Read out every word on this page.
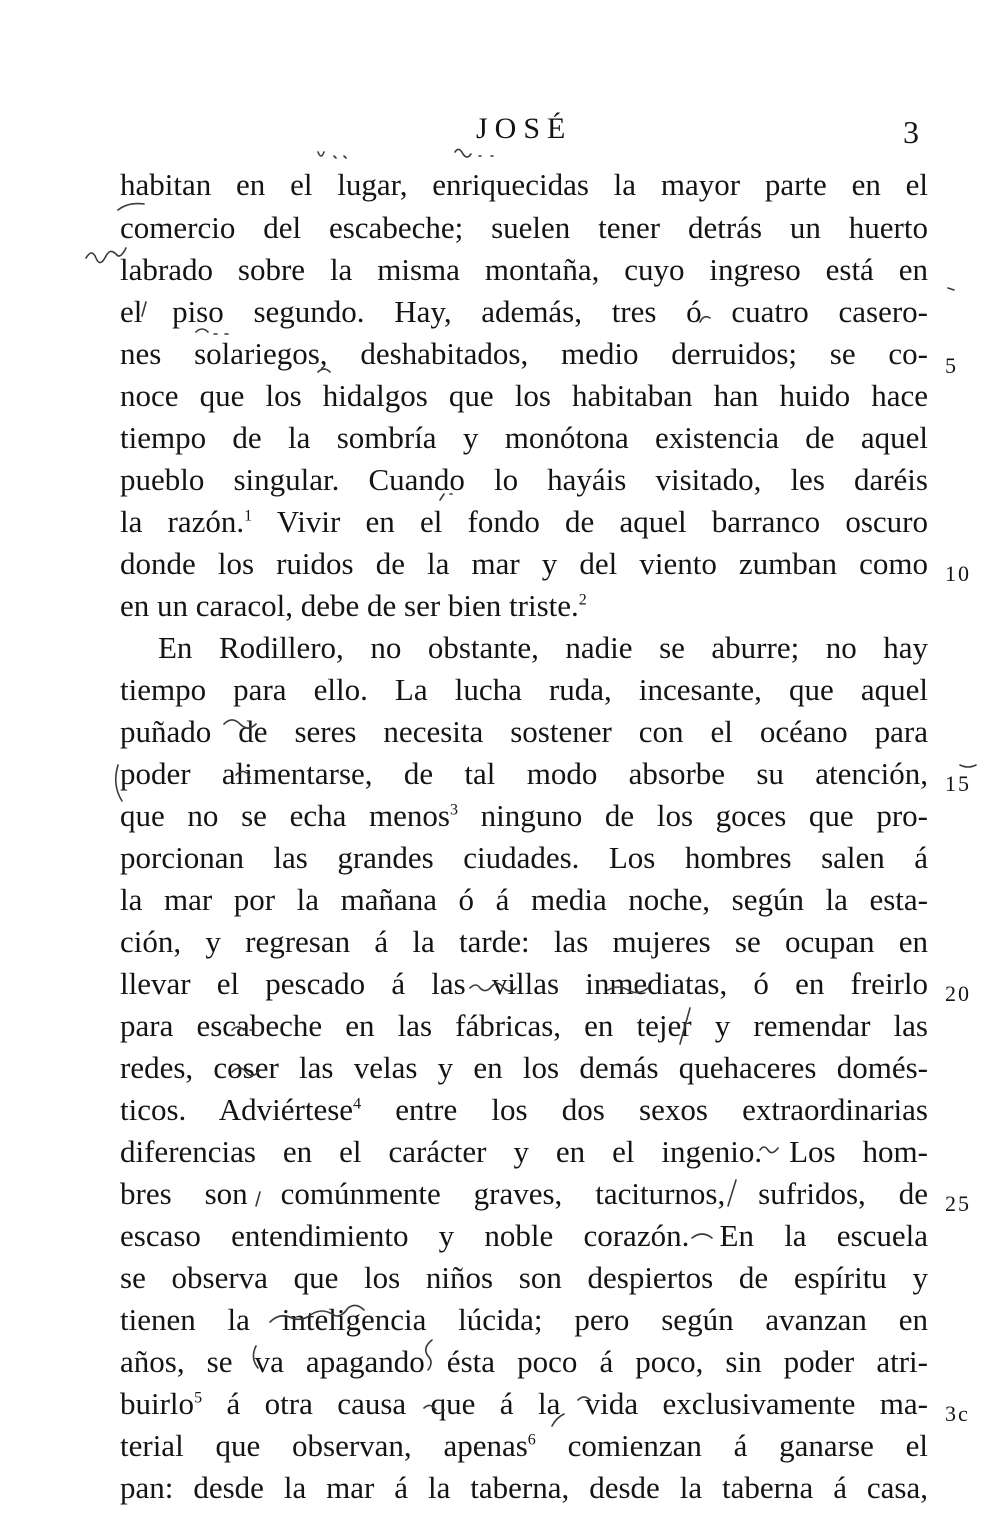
JOSÉ	3
habitan en el lugar, enriquecidas la mayor parte en el
comercio del escabeche; suelen tener detrás un huerto
labrado sobre la misma montaña, cuyo ingreso está en
el piso segundo. Hay, además, tres ó cuatro casero-
nes solariegos, deshabitados, medio derruidos; se co-
noce que los hidalgos que los habitaban han huido hace
tiempo de la sombría y monótona existencia de aquel
pueblo singular. Cuando lo hayáis visitado, les daréis
la razón.$^1$ Vivir en el fondo de aquel barranco oscuro
donde los ruidos de la mar y del viento zumban como
en un caracol, debe de ser bien triste.$^2$
En Rodillero, no obstante, nadie se aburre; no hay
tiempo para ello. La lucha ruda, incesante, que aquel
puñado de seres necesita sostener con el océano para
poder alimentarse, de tal modo absorbe su atención,
que no se echa menos$^3$ ninguno de los goces que pro-
porcionan las grandes ciudades. Los hombres salen á
la mar por la mañana ó á media noche, según la esta-
ción, y regresan á la tarde: las mujeres se ocupan en
llevar el pescado á las villas inmediatas, ó en freirlo
para escabeche en las fábricas, en tejer y remendar las
redes, coser las velas y en los demás quehaceres domés-
ticos. Adviértese$^4$ entre los dos sexos extraordinarias
diferencias en el carácter y en el ingenio. Los hom-
bres son comúnmente graves, taciturnos, sufridos, de
escaso entendimiento y noble corazón. En la escuela
se observa que los niños son despiertos de espíritu y
tienen la inteligencia lúcida; pero según avanzan en
años, se va apagando ésta poco á poco, sin poder atri-
buirlo$^5$ á otra causa que á la vida exclusivamente ma-
terial que observan, apenas$^6$ comienzan á ganarse el
pan: desde la mar á la taberna, desde la taberna á casa,
5
10
15
20
25
3c
